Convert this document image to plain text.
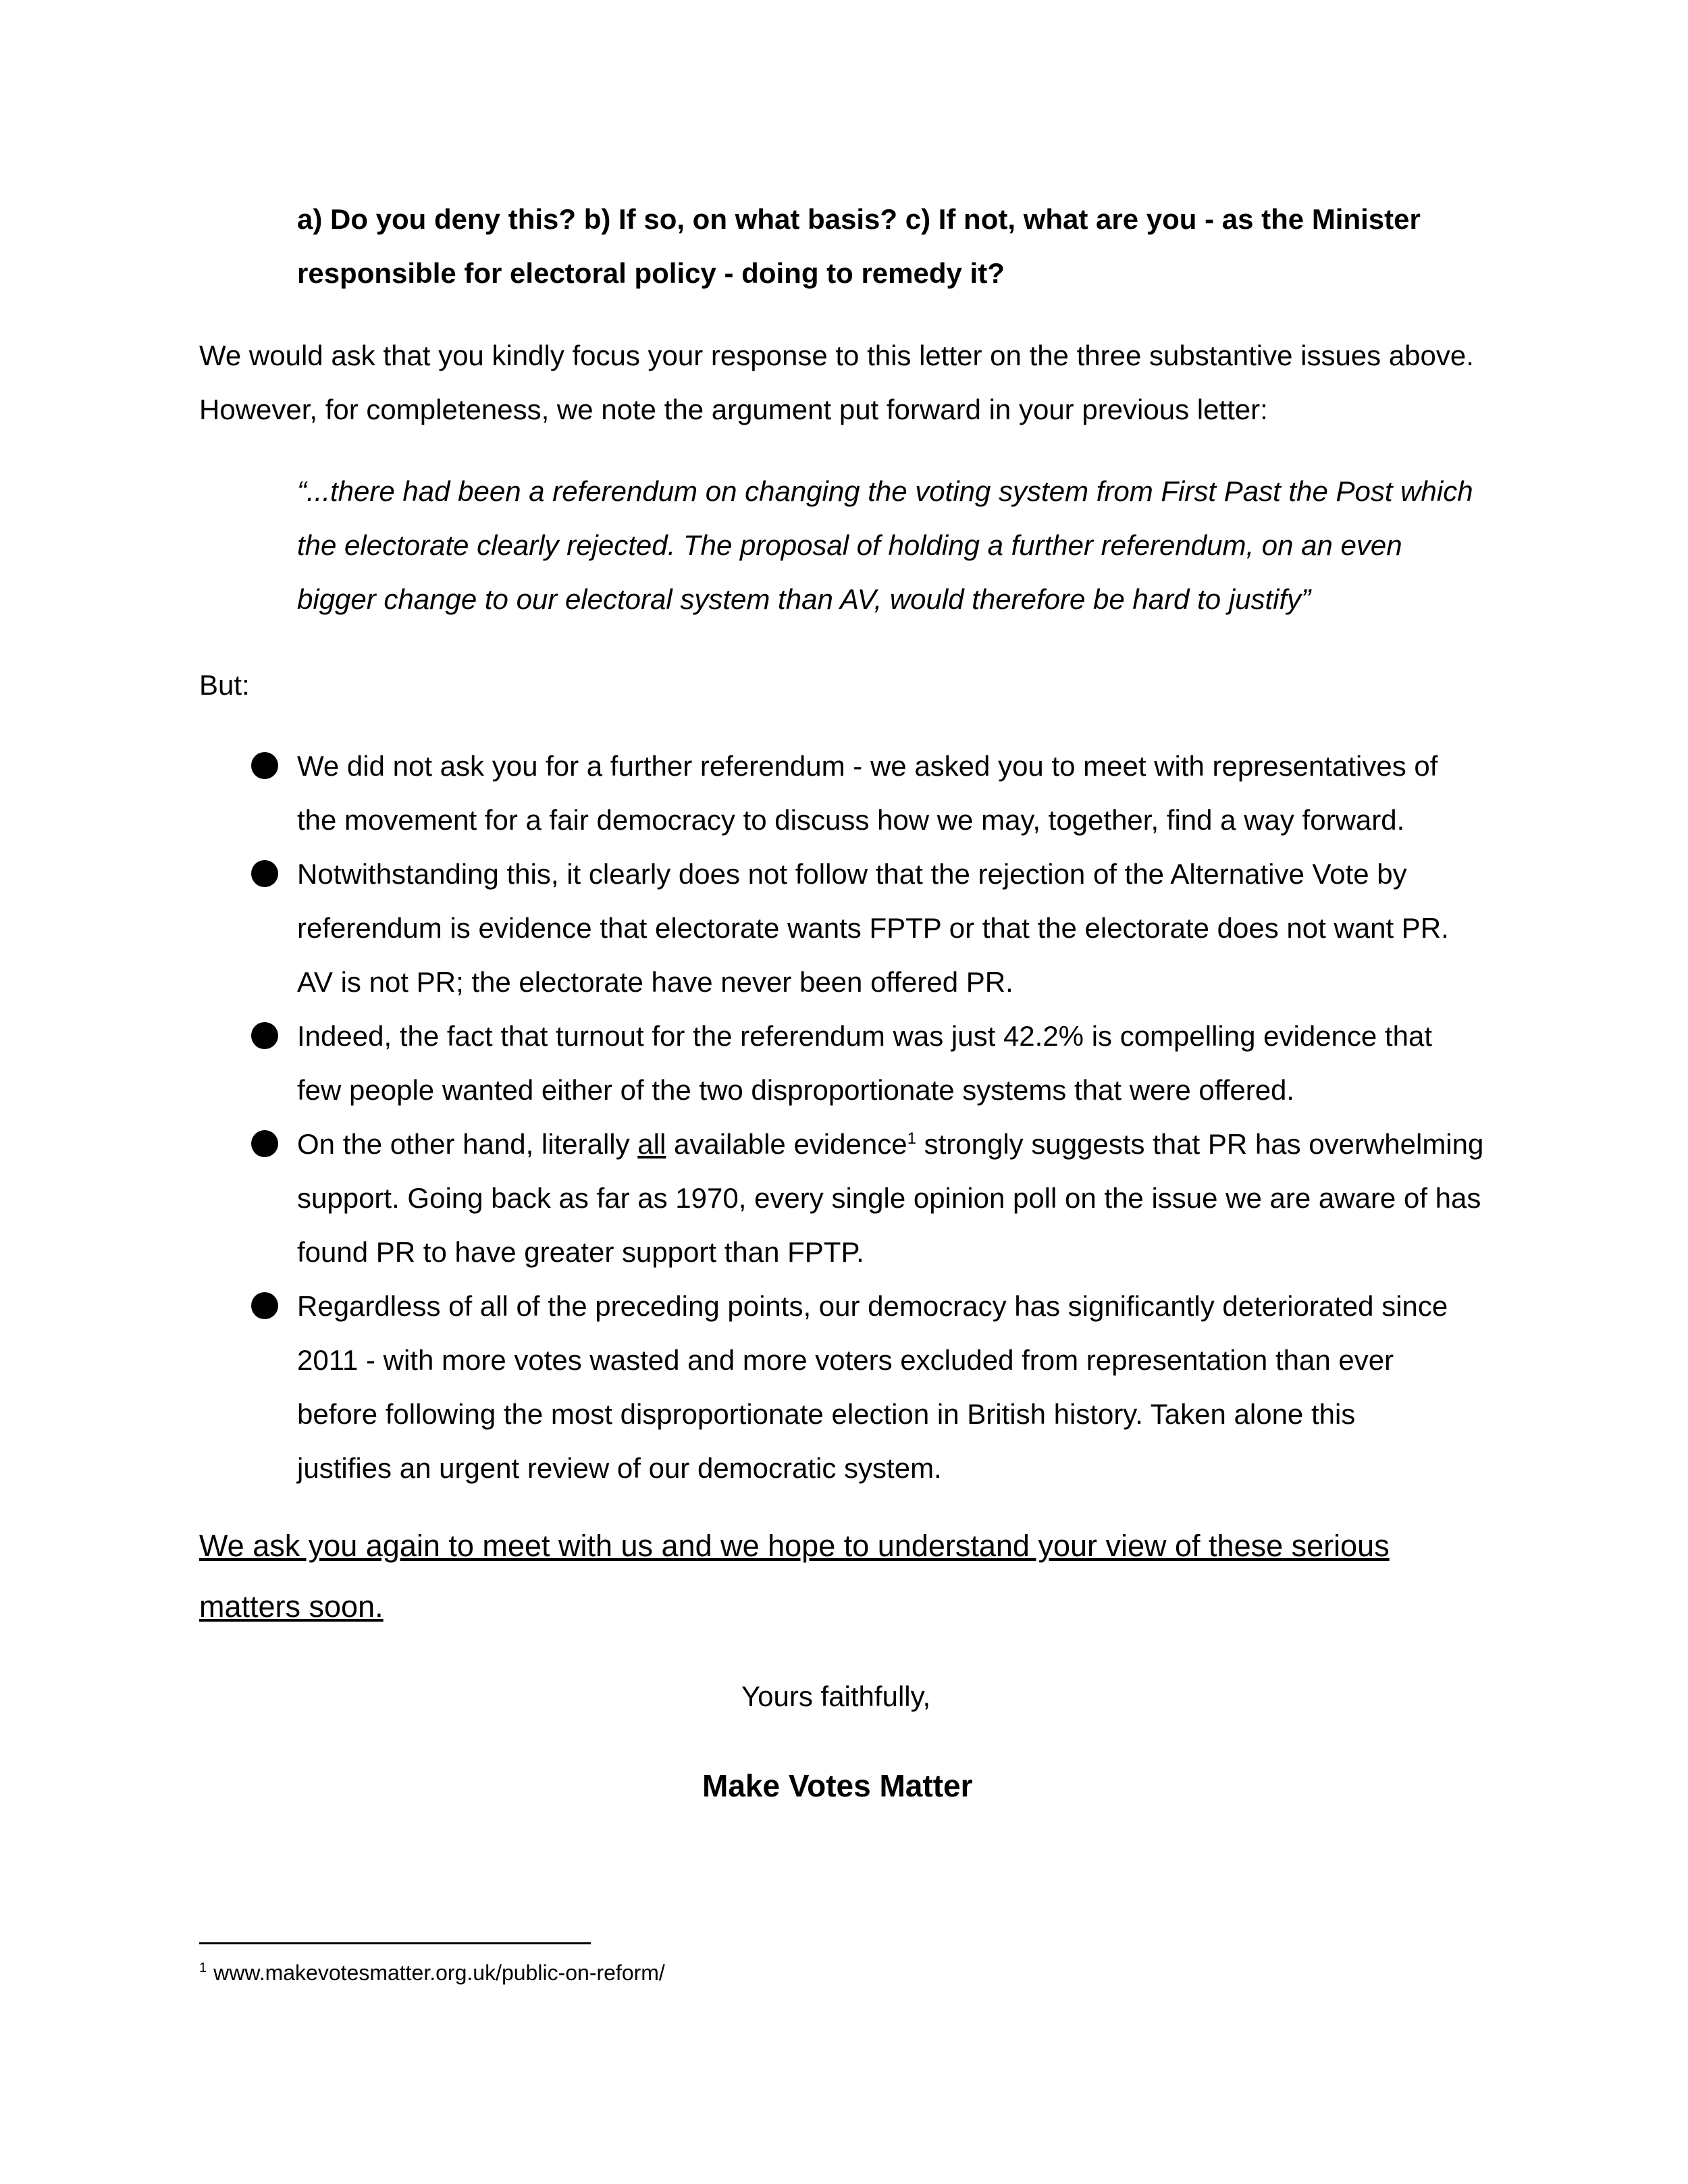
a) Do you deny this? b) If so, on what basis? c) If not, what are you - as the Minister
responsible for electoral policy - doing to remedy it?
We would ask that you kindly focus your response to this letter on the three substantive issues above.
However, for completeness, we note the argument put forward in your previous letter:
“...there had been a referendum on changing the voting system from First Past the Post which
the electorate clearly rejected. The proposal of holding a further referendum, on an even
bigger change to our electoral system than AV, would therefore be hard to justify”
But:
We did not ask you for a further referendum - we asked you to meet with representatives of
the movement for a fair democracy to discuss how we may, together, find a way forward.
Notwithstanding this, it clearly does not follow that the rejection of the Alternative Vote by
referendum is evidence that electorate wants FPTP or that the electorate does not want PR.
AV is not PR; the electorate have never been offered PR.
Indeed, the fact that turnout for the referendum was just 42.2% is compelling evidence that
few people wanted either of the two disproportionate systems that were offered.
On the other hand, literally all available evidence$^1$ strongly suggests that PR has overwhelming
support. Going back as far as 1970, every single opinion poll on the issue we are aware of has
found PR to have greater support than FPTP.
Regardless of all of the preceding points, our democracy has significantly deteriorated since
2011 - with more votes wasted and more voters excluded from representation than ever
before following the most disproportionate election in British history. Taken alone this
justifies an urgent review of our democratic system.
We ask you again to meet with us and we hope to understand your view of these serious
matters soon.
Yours faithfully,
Make Votes Matter
$^1$ www.makevotesmatter.org.uk/public-on-reform/
